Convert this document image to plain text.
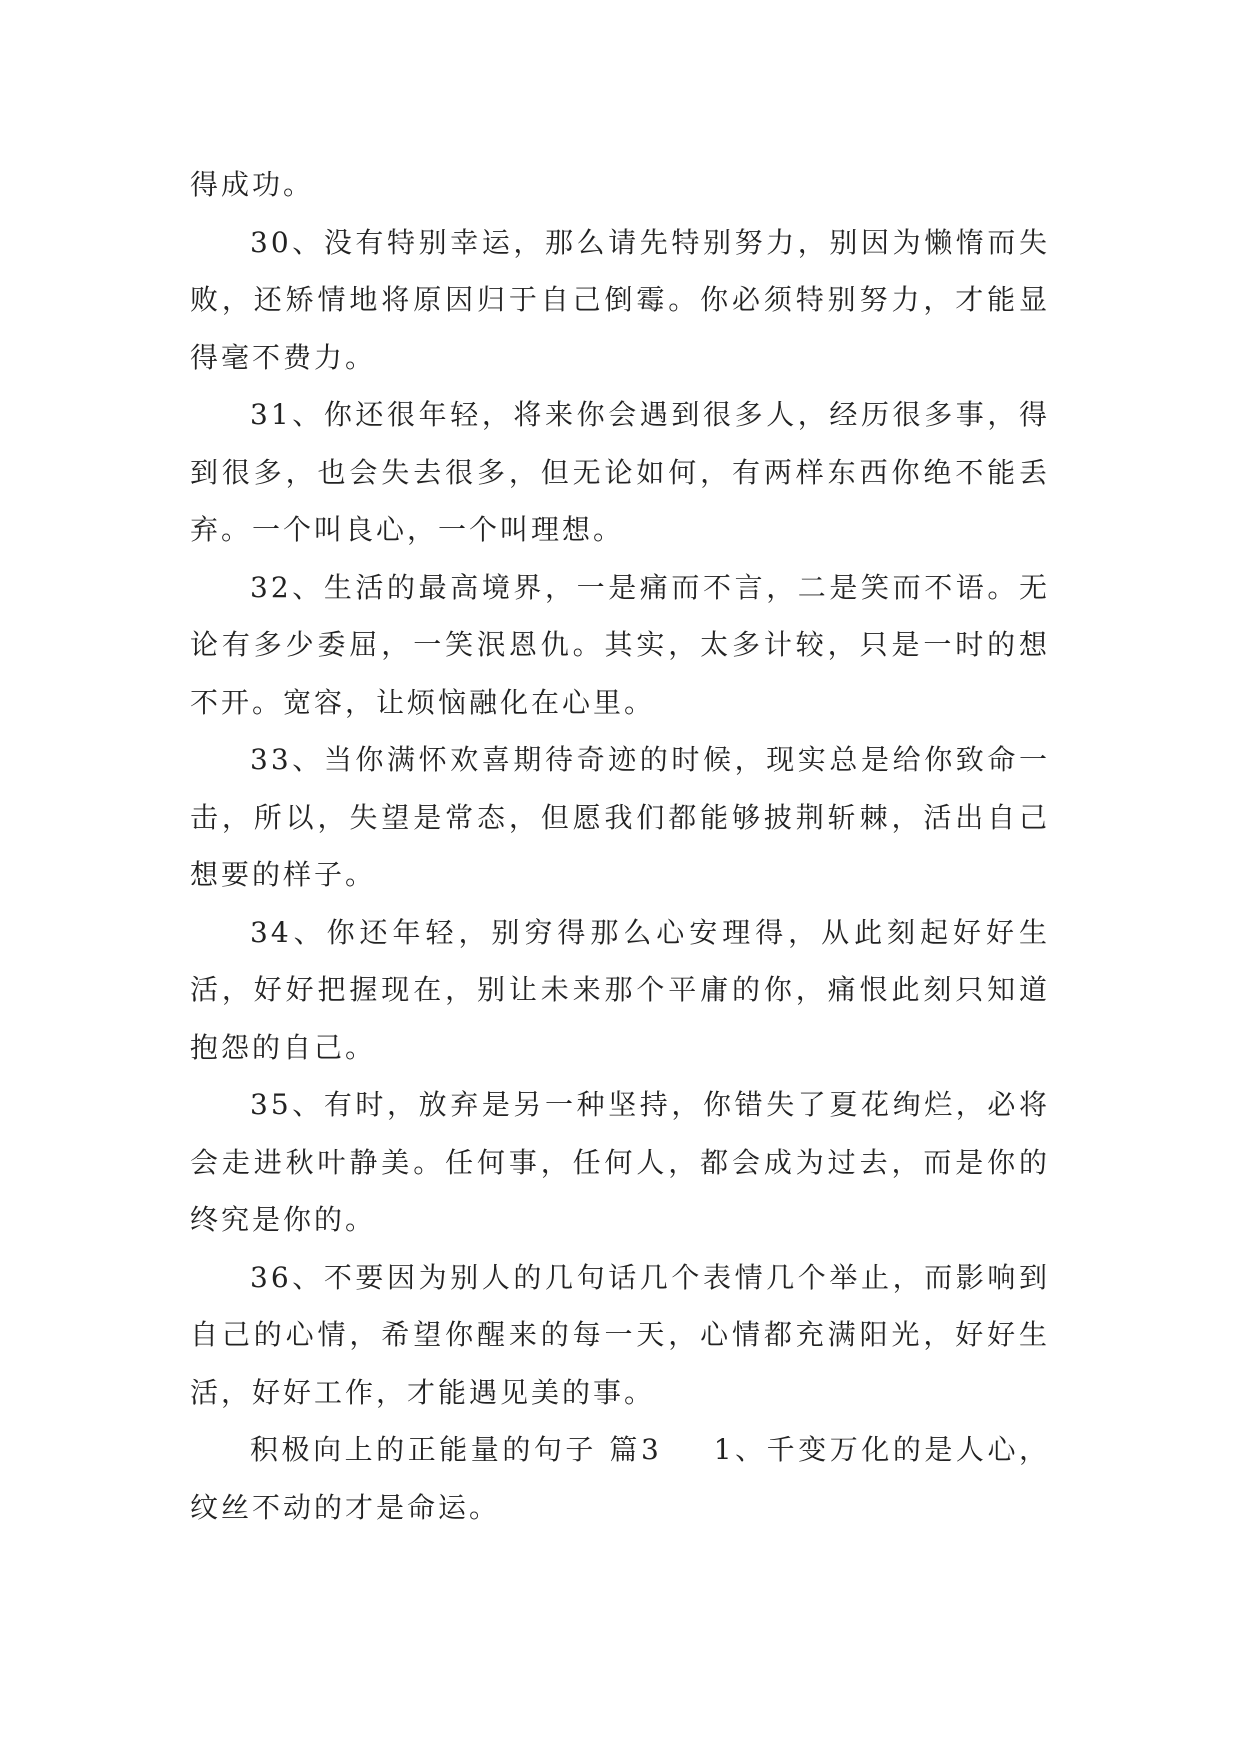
得成功。

30、没有特别幸运，那么请先特别努力，别因为懒惰而失败，还矫情地将原因归于自己倒霉。你必须特别努力，才能显得毫不费力。

31、你还很年轻，将来你会遇到很多人，经历很多事，得到很多，也会失去很多，但无论如何，有两样东西你绝不能丢弃。一个叫良心，一个叫理想。

32、生活的最高境界，一是痛而不言，二是笑而不语。无论有多少委屈，一笑泯恩仇。其实，太多计较，只是一时的想不开。宽容，让烦恼融化在心里。

33、当你满怀欢喜期待奇迹的时候，现实总是给你致命一击，所以，失望是常态，但愿我们都能够披荆斩棘，活出自己想要的样子。

34、你还年轻，别穷得那么心安理得，从此刻起好好生活，好好把握现在，别让未来那个平庸的你，痛恨此刻只知道抱怨的自己。

35、有时，放弃是另一种坚持，你错失了夏花绚烂，必将会走进秋叶静美。任何事，任何人，都会成为过去，而是你的终究是你的。

36、不要因为别人的几句话几个表情几个举止，而影响到自己的心情，希望你醒来的每一天，心情都充满阳光，好好生活，好好工作，才能遇见美的事。

积极向上的正能量的句子 篇3 1、千变万化的是人心，纹丝不动的才是命运。
